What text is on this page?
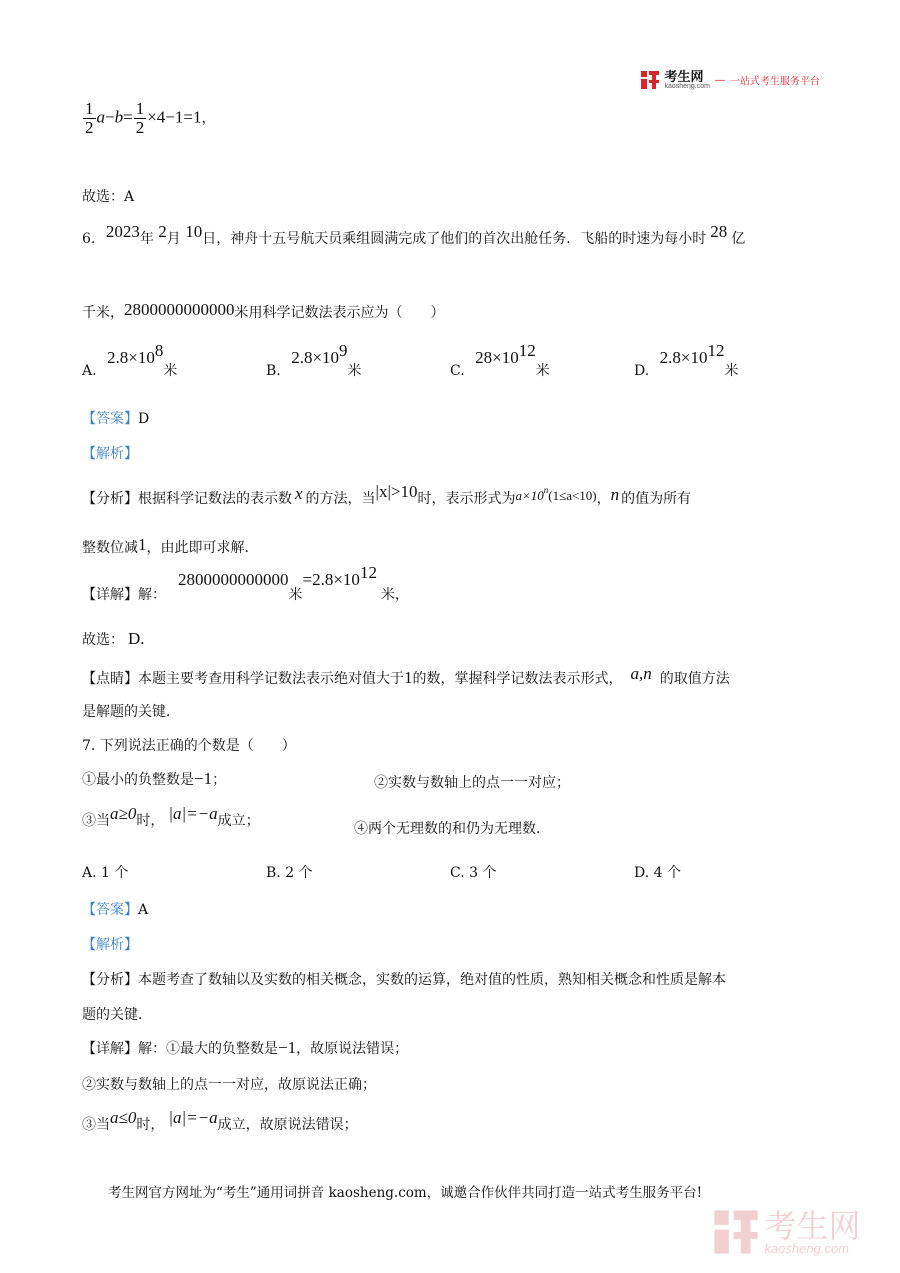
考生网
kaosheng.com — 一站式考生服务平台
$\frac{1}{2} a-b= \frac{1}{2} \times 4-1=1$，
故选：A
6. 2023年 2月 10日，神舟十五号航天员乘组圆满完成了他们的首次出舱任务．飞船的时速为每小时 28 亿
千米，2800000000000米用科学记数法表示应为（　　）
A. $2.8\times 10^8$米	B. $2.8\times 10^9$米	C. $28\times 10^{12}$米	D. $2.8\times 10^{12}$米
【答案】D
【解析】
【分析】根据科学记数法的表示数 x 的方法，当|x|>10时，表示形式为$a\times 10^n(1\le a<10)$，n 的值为所有
整数位减1，由此即可求解．
【详解】解：2800000000000米$=2.8\times 10^{12}$米，
故选： D.
【点睛】本题主要考查用科学记数法表示绝对值大于1的数，掌握科学记数法表示形式， a,n 的取值方法
是解题的关键．
7. 下列说法正确的个数是（　　）
①最小的负整数是−1；	②实数与数轴上的点一一对应；
③当a≥0时， |a|=−a成立；	④两个无理数的和仍为无理数．
A. 1 个	B. 2 个	C. 3 个	D. 4 个
【答案】A
【解析】
【分析】本题考查了数轴以及实数的相关概念，实数的运算，绝对值的性质，熟知相关概念和性质是解本
题的关键．
【详解】解：①最大的负整数是−1，故原说法错误；
②实数与数轴上的点一一对应，故原说法正确；
③当a≤0时， |a|=−a成立，故原说法错误；
考生网官方网址为“考生”通用词拼音 kaosheng.com，诚邀合作伙伴共同打造一站式考生服务平台!

考生网
kaosheng.com
